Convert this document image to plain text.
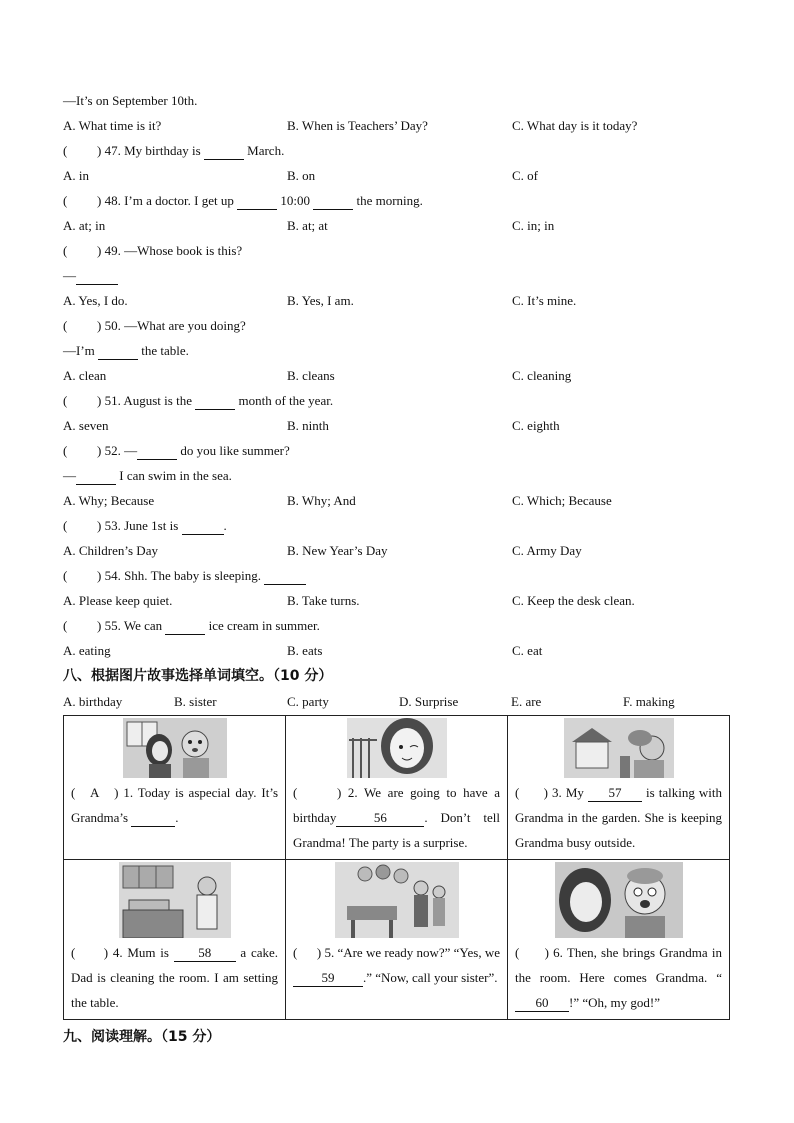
—It’s on September 10th.
A. What time is it?	B. When is Teachers’ Day?	C. What day is it today?
( ) 47. My birthday is	March.
A. in	B. on	C. of
( ) 48. I’m a doctor. I get up	10:00	the morning.
A. at; in	B. at; at	C. in; in
( ) 49. —Whose book is this?
—
A. Yes, I do.	B. Yes, I am.	C. It’s mine.
( ) 50. —What are you doing?
—I’m	the table.
A. clean	B. cleans	C. cleaning
( ) 51. August is the	month of the year.
A. seven	B. ninth	C. eighth
( ) 52. —	do you like summer?
—	I can swim in the sea.
A. Why; Because	B. Why; And	C. Which; Because
( ) 53. June 1st is	.
A. Children’s Day	B. New Year’s Day	C. Army Day
( ) 54. Shh. The baby is sleeping.
A. Please keep quiet.	B. Take turns.	C. Keep the desk clean.
( ) 55. We can	ice cream in summer.
A. eating	B. eats	C. eat
八、根据图片故事选择单词填空。（10 分）
A. birthday	B. sister	C. party	D. Surprise	E. are	F. making
( A ) 1. Today is aspecial day. It’s Grandma’s .	( ) 2. We are going to have a birthday 56 . Don’t tell Grandma! The party is a surprise.	( ) 3. My 57 is talking with Grandma in the garden. She is keeping Grandma busy outside.

( ) 4. Mum is 58 a cake. Dad is cleaning the room. I am setting the table.	( ) 5. “Are we ready now?” “Yes, we 59 .” “Now, call your sister”.	( ) 6. Then, she brings Grandma in the room. Here comes Grandma. “60 !” “Oh, my god!”
九、阅读理解。（15 分）
